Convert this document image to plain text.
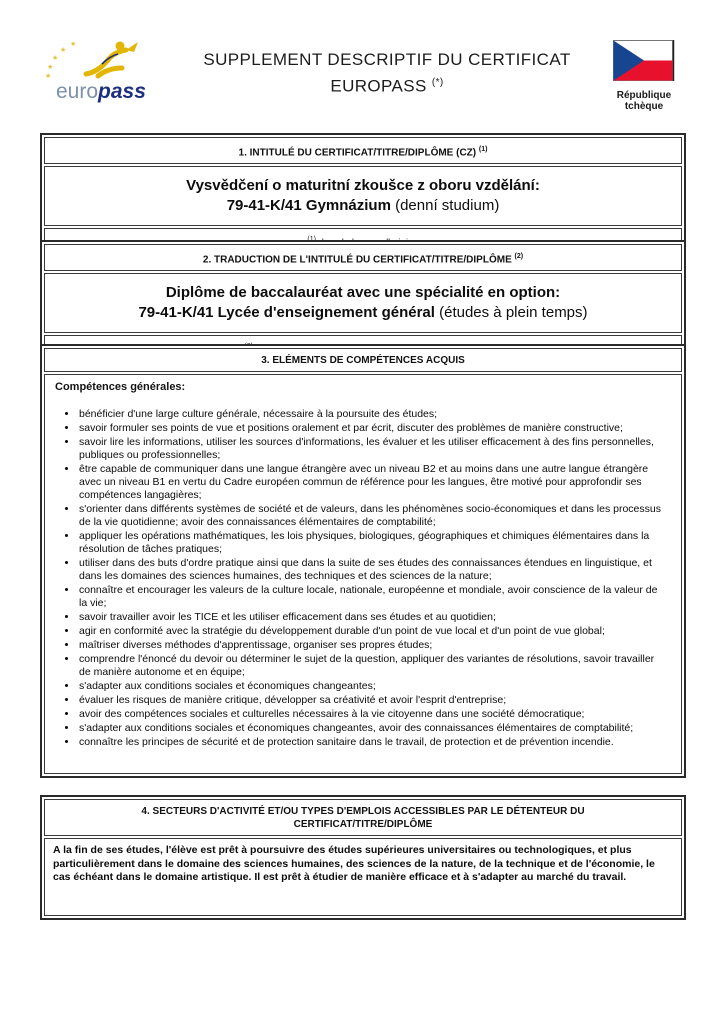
★
★
★
★
★
europass
SUPPLEMENT DESCRIPTIF DU CERTIFICAT
EUROPASS (*)
République
tchèque
1. INTITULÉ DU CERTIFICAT/TITRE/DIPLÔME (CZ) $^{(1)}$
Vysvědčení o maturitní zkoušce z oboru vzdělání:
79-41-K/41 Gymnázium (denní studium)

2. TRADUCTION DE L'INTITULÉ DU CERTIFICAT/TITRE/DIPLÔME $^{(2)}$
Diplôme de baccalauréat avec une spécialité en option:
79-41-K/41 Lycée d'enseignement général (études à plein temps)

3. ELÉMENTS DE COMPÉTENCES ACQUIS

Compétences générales:

• bénéficier d'une large culture générale, nécessaire à la poursuite des études;
• savoir formuler ses points de vue et positions oralement et par écrit, discuter des problèmes de manière constructive;
• savoir lire les informations, utiliser les sources d'informations, les évaluer et les utiliser efficacement à des fins personnelles, publiques ou professionnelles;
• être capable de communiquer dans une langue étrangère avec un niveau B2 et au moins dans une autre langue étrangère avec un niveau B1 en vertu du Cadre européen commun de référence pour les langues, être motivé pour approfondir ses compétences langagières;
• s'orienter dans différents systèmes de société et de valeurs, dans les phénomènes socio-économiques et dans les processus de la vie quotidienne; avoir des connaissances élémentaires de comptabilité;
• appliquer les opérations mathématiques, les lois physiques, biologiques, géographiques et chimiques élémentaires dans la résolution de tâches pratiques;
• utiliser dans des buts d'ordre pratique ainsi que dans la suite de ses études des connaissances étendues en linguistique, et dans les domaines des sciences humaines, des techniques et des sciences de la nature;
• connaître et encourager les valeurs de la culture locale, nationale, européenne et mondiale, avoir conscience de la valeur de la vie;
• savoir travailler avoir les TICE et les utiliser efficacement dans ses études et au quotidien;
• agir en conformité avec la stratégie du développement durable d'un point de vue local et d'un point de vue global;
• maîtriser diverses méthodes d'apprentissage, organiser ses propres études;
• comprendre l'énoncé du devoir ou déterminer le sujet de la question, appliquer des variantes de résolutions, savoir travailler de manière autonome et en équipe;
• s'adapter aux conditions sociales et économiques changeantes;
• évaluer les risques de manière critique, développer sa créativité et avoir l'esprit d'entreprise;
• avoir des compétences sociales et culturelles nécessaires à la vie citoyenne dans une société démocratique;
• s'adapter aux conditions sociales et économiques changeantes, avoir des connaissances élémentaires de comptabilité;
• connaître les principes de sécurité et de protection sanitaire dans le travail, de protection et de prévention incendie.
4. SECTEURS D'ACTIVITÉ ET/OU TYPES D'EMPLOIS ACCESSIBLES PAR LE DÉTENTEUR DU
CERTIFICAT/TITRE/DIPLÔME
A la fin de ses études, l'élève est prêt à poursuivre des études supérieures universitaires ou technologiques, et plus particulièrement dans le domaine des sciences humaines, des sciences de la nature, de la technique et de l'économie, le cas échéant dans le domaine artistique. Il est prêt à étudier de manière efficace et à s'adapter au marché du travail.
